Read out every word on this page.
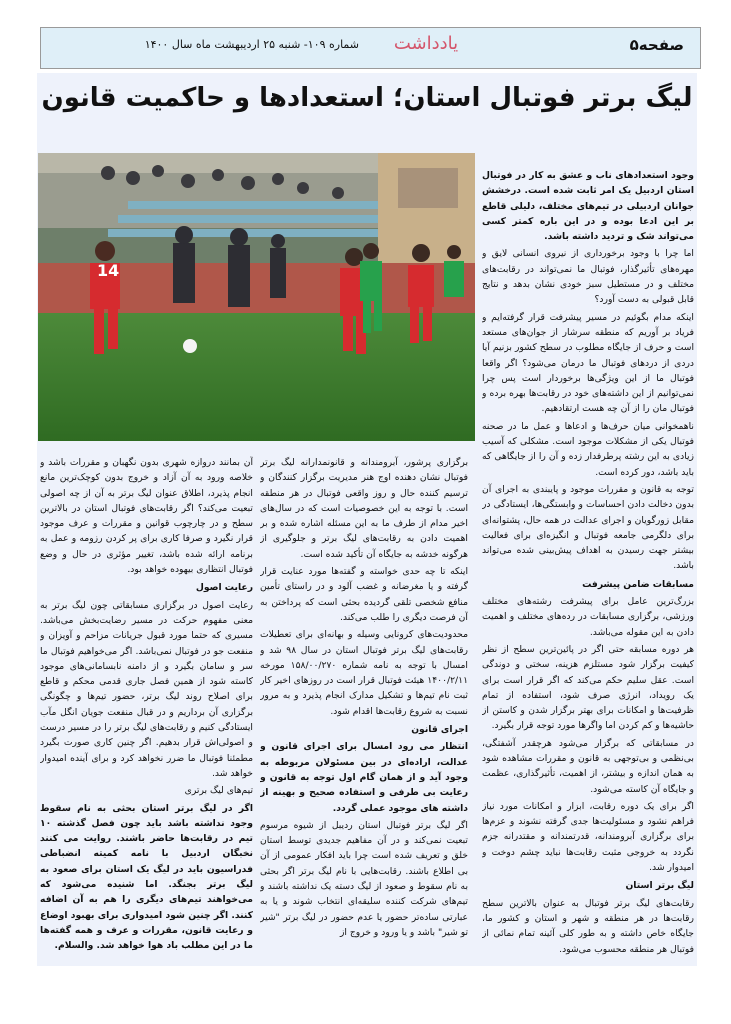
صفحه۵
یادداشت
شماره ۱۰۹- شنبه ۲۵ اردیبهشت ماه سال ۱۴۰۰
لیگ برتر فوتبال استان؛ استعدادها و حاکمیت قانون
14

وجود استعدادهای ناب و عشق به کار در فوتبال استان اردبیل یک امر ثابت شده است. درخشش جوانان اردبیلی در تیم‌های مختلف، دلیلی قاطع بر این ادعا بوده و در این باره کمتر کسی می‌تواند شک و تردید داشته باشد.

اما چرا با وجود برخورداری از نیروی انسانی لایق و مهره‌های تأثیرگذار، فوتبال ما نمی‌تواند در رقابت‌های مختلف و در مستطیل سبز خودی نشان بدهد و نتایج قابل قبولی به دست آورد؟

اینکه مدام بگوئیم در مسیر پیشرفت قرار گرفته‌ایم و فریاد بر آوریم که منطقه سرشار از جوان‌های مستعد است و حرف از جایگاه مطلوب در سطح کشور بزنیم آیا دردی از دردهای فوتبال ما درمان می‌شود؟ اگر واقعا فوتبال ما از این ویژگی‌ها برخوردار است پس چرا نمی‌توانیم از این داشته‌های خود در رقابت‌ها بهره برده و فوتبال مان را از آن چه هست ارتقادهیم.

ناهمخوانی میان حرف‌ها و ادعاها و عمل ما در صحنه فوتبال یکی از مشکلات موجود است. مشکلی که آسیب زیادی به این رشته پرطرفدار زده و آن را از جایگاهی که باید باشد، دور کرده است.

توجه به قانون و مقررات موجود و پایبندی به اجرای آن بدون دخالت دادن احساسات و وابستگی‌ها، ایستادگی در مقابل زورگویان و اجرای عدالت در همه حال، پشتوانه‌ای برای دلگرمی جامعه فوتبال و انگیزه‌ای برای فعالیت بیشتر جهت رسیدن به اهداف پیش‌بینی شده می‌تواند باشد.

مسابقات ضامن پیشرفت

بزرگ‌ترین عامل برای پیشرفت رشته‌های مختلف ورزشی، برگزاری مسابقات در رده‌های مختلف و اهمیت دادن به این مقوله می‌باشد.

هر دوره مسابقه حتی اگر در پائین‌ترین سطح از نظر کیفیت برگزار شود مستلزم هزینه، سختی و دوندگی است. عقل سلیم حکم می‌کند که اگر قرار است برای یک رویداد، انرژی صرف شود، استفاده از تمام ظرفیت‌ها و امکانات برای بهتر برگزار شدن و کاستن از حاشیه‌ها و کم کردن اما واگرها مورد توجه قرار بگیرد.

در مسابقاتی که برگزار می‌شود هرچقدر آشفتگی، بی‌نظمی و بی‌توجهی به قانون و مقررات مشاهده شود به همان اندازه و بیشتر، از اهمیت، تأثیرگذاری، عظمت و جایگاه آن کاسته می‌شود.

اگر برای یک دوره رقابت، ابزار و امکانات مورد نیاز فراهم نشود و مسئولیت‌ها جدی گرفته نشوند و عزم‌ها برای برگزاری آبرومندانه، قدرتمندانه و مقتدرانه جزم نگردد به خروجی مثبت رقابت‌ها نباید چشم دوخت و امیدوار شد.

لیگ برتر استان

رقابت‌های لیگ برتر فوتبال به عنوان بالاترین سطح رقابت‌ها در هر منطقه و شهر و استان و کشور ما، جایگاه خاص داشته و به طور کلی آئینه تمام نمائی از فوتبال هر منطقه محسوب می‌شود.

برگزاری پرشور، آبرومندانه و قانونمدارانه لیگ برتر فوتبال نشان دهنده اوج هنر مدیریت برگزار کنندگان و ترسیم کننده حال و روز واقعی فوتبال در هر منطقه است. با توجه به این خصوصیات است که در سال‌های اخیر مدام از طرف ما به این مسئله اشاره شده و بر اهمیت دادن به رقابت‌های لیگ برتر و جلوگیری از هرگونه خدشه به جایگاه آن تأکید شده است.

اینکه تا چه حدی خواسته و گفته‌ها مورد عنایت قرار گرفته و یا مغرضانه و غضب آلود و در راستای تأمین منافع شخصی تلقی گردیده بحثی است که پرداختن به آن فرصت دیگری را طلب می‌کند.

محدودیت‌های کرونایی وسیله و بهانه‌ای برای تعطیلات رقابت‌های لیگ برتر فوتبال استان در سال ۹۸ شد و امسال با توجه به نامه شماره ۱۵۸/۰۰/۲۷۰ مورخه ۱۴۰۰/۲/۱۱ هیئت فوتبال قرار است در روزهای اخیر کار ثبت نام تیم‌ها و تشکیل مدارک انجام پذیرد و به مرور نسبت به شروع رقابت‌ها اقدام شود.

اجرای قانون

انتظار می رود امسال برای اجرای قانون و عدالت، اراده‌ای در بین مسئولان مربوطه به وجود آید و از همان گام اول توجه به قانون و رعایت بی طرفی و استفاده صحیح و بهینه از داشته های موجود عملی گردد.

اگر لیگ برتر فوتبال استان ردیبل از شیوه مرسوم تبعیت نمی‌کند و در آن مفاهیم جدیدی توسط استان خلق و تعریف شده است چرا باید افکار عمومی از آن بی اطلاع باشند. رقابت‌هایی با نام لیگ برتر اگر بحثی به نام سقوط و صعود از لیگ دسته یک نداشته باشند و تیم‌های شرکت کننده سلیقه‌ای انتخاب شوند و یا به عبارتی ساده‌تر حضور یا عدم حضور در لیگ برتر "شیر تو شیر" باشد و یا ورود و خروج از

آن بمانند دروازه شهری بدون نگهبان و مقررات باشد و خلاصه ورود به آن آزاد و خروج بدون کوچک‌ترین مانع انجام پذیرد، اطلاق عنوان لیگ برتر به آن از چه اصولی تبعیت می‌کند؟ اگر رقابت‌های فوتبال استان در بالاترین سطح و در چارچوب قوانین و مقررات و عرف موجود قرار نگیرد و صرفا کاری برای پر کردن رزومه و عمل به برنامه ارائه شده باشد، تغییر مؤثری در حال و وضع فوتبال انتظاری بیهوده خواهد بود.

رعایت اصول

رعایت اصول در برگزاری مسابقاتی چون لیگ برتر به معنی مفهوم حرکت در مسیر رضایت‌بخش می‌باشد. مسیری که حتما مورد قبول جریانات مزاحم و آویزان و منفعت جو در فوتبال نمی‌باشد. اگر می‌خواهیم فوتبال ما سر و سامان بگیرد و از دامنه نابسامانی‌های موجود کاسته شود از همین فصل جاری قدمی محکم و قاطع برای اصلاح روند لیگ برتر، حضور تیم‌ها و چگونگی برگزاری آن برداریم و در قبال منفعت جویان انگل مآب ایستادگی کنیم و رقابت‌های لیگ برتر را در مسیر درست و اصولی‌اش قرار بدهیم. اگر چنین کاری صورت بگیرد مطمئنا فوتبال ما ضرر نخواهد کرد و برای آینده امیدوار خواهد شد.

تیم‌های لیگ برتری

اگر در لیگ برتر استان بحثی به نام سقوط وجود نداشته باشد باید چون فصل گذشته ۱۰ تیم در رقابت‌ها حاضر باشند. روایت می کنند نخبگان اردبیل با نامه کمیته انضباطی فدراسیون باید در لیگ یک استان برای صعود به لیگ برتر بجنگد. اما شنیده می‌شود که می‌خواهند تیم‌های دیگری را هم به آن اضافه کنند. اگر چنین شود امیدواری برای بهبود اوضاع و رعایت قانون، مقررات و عرف و همه گفته‌ها ما در این مطلب باد هوا خواهد شد. والسلام.
